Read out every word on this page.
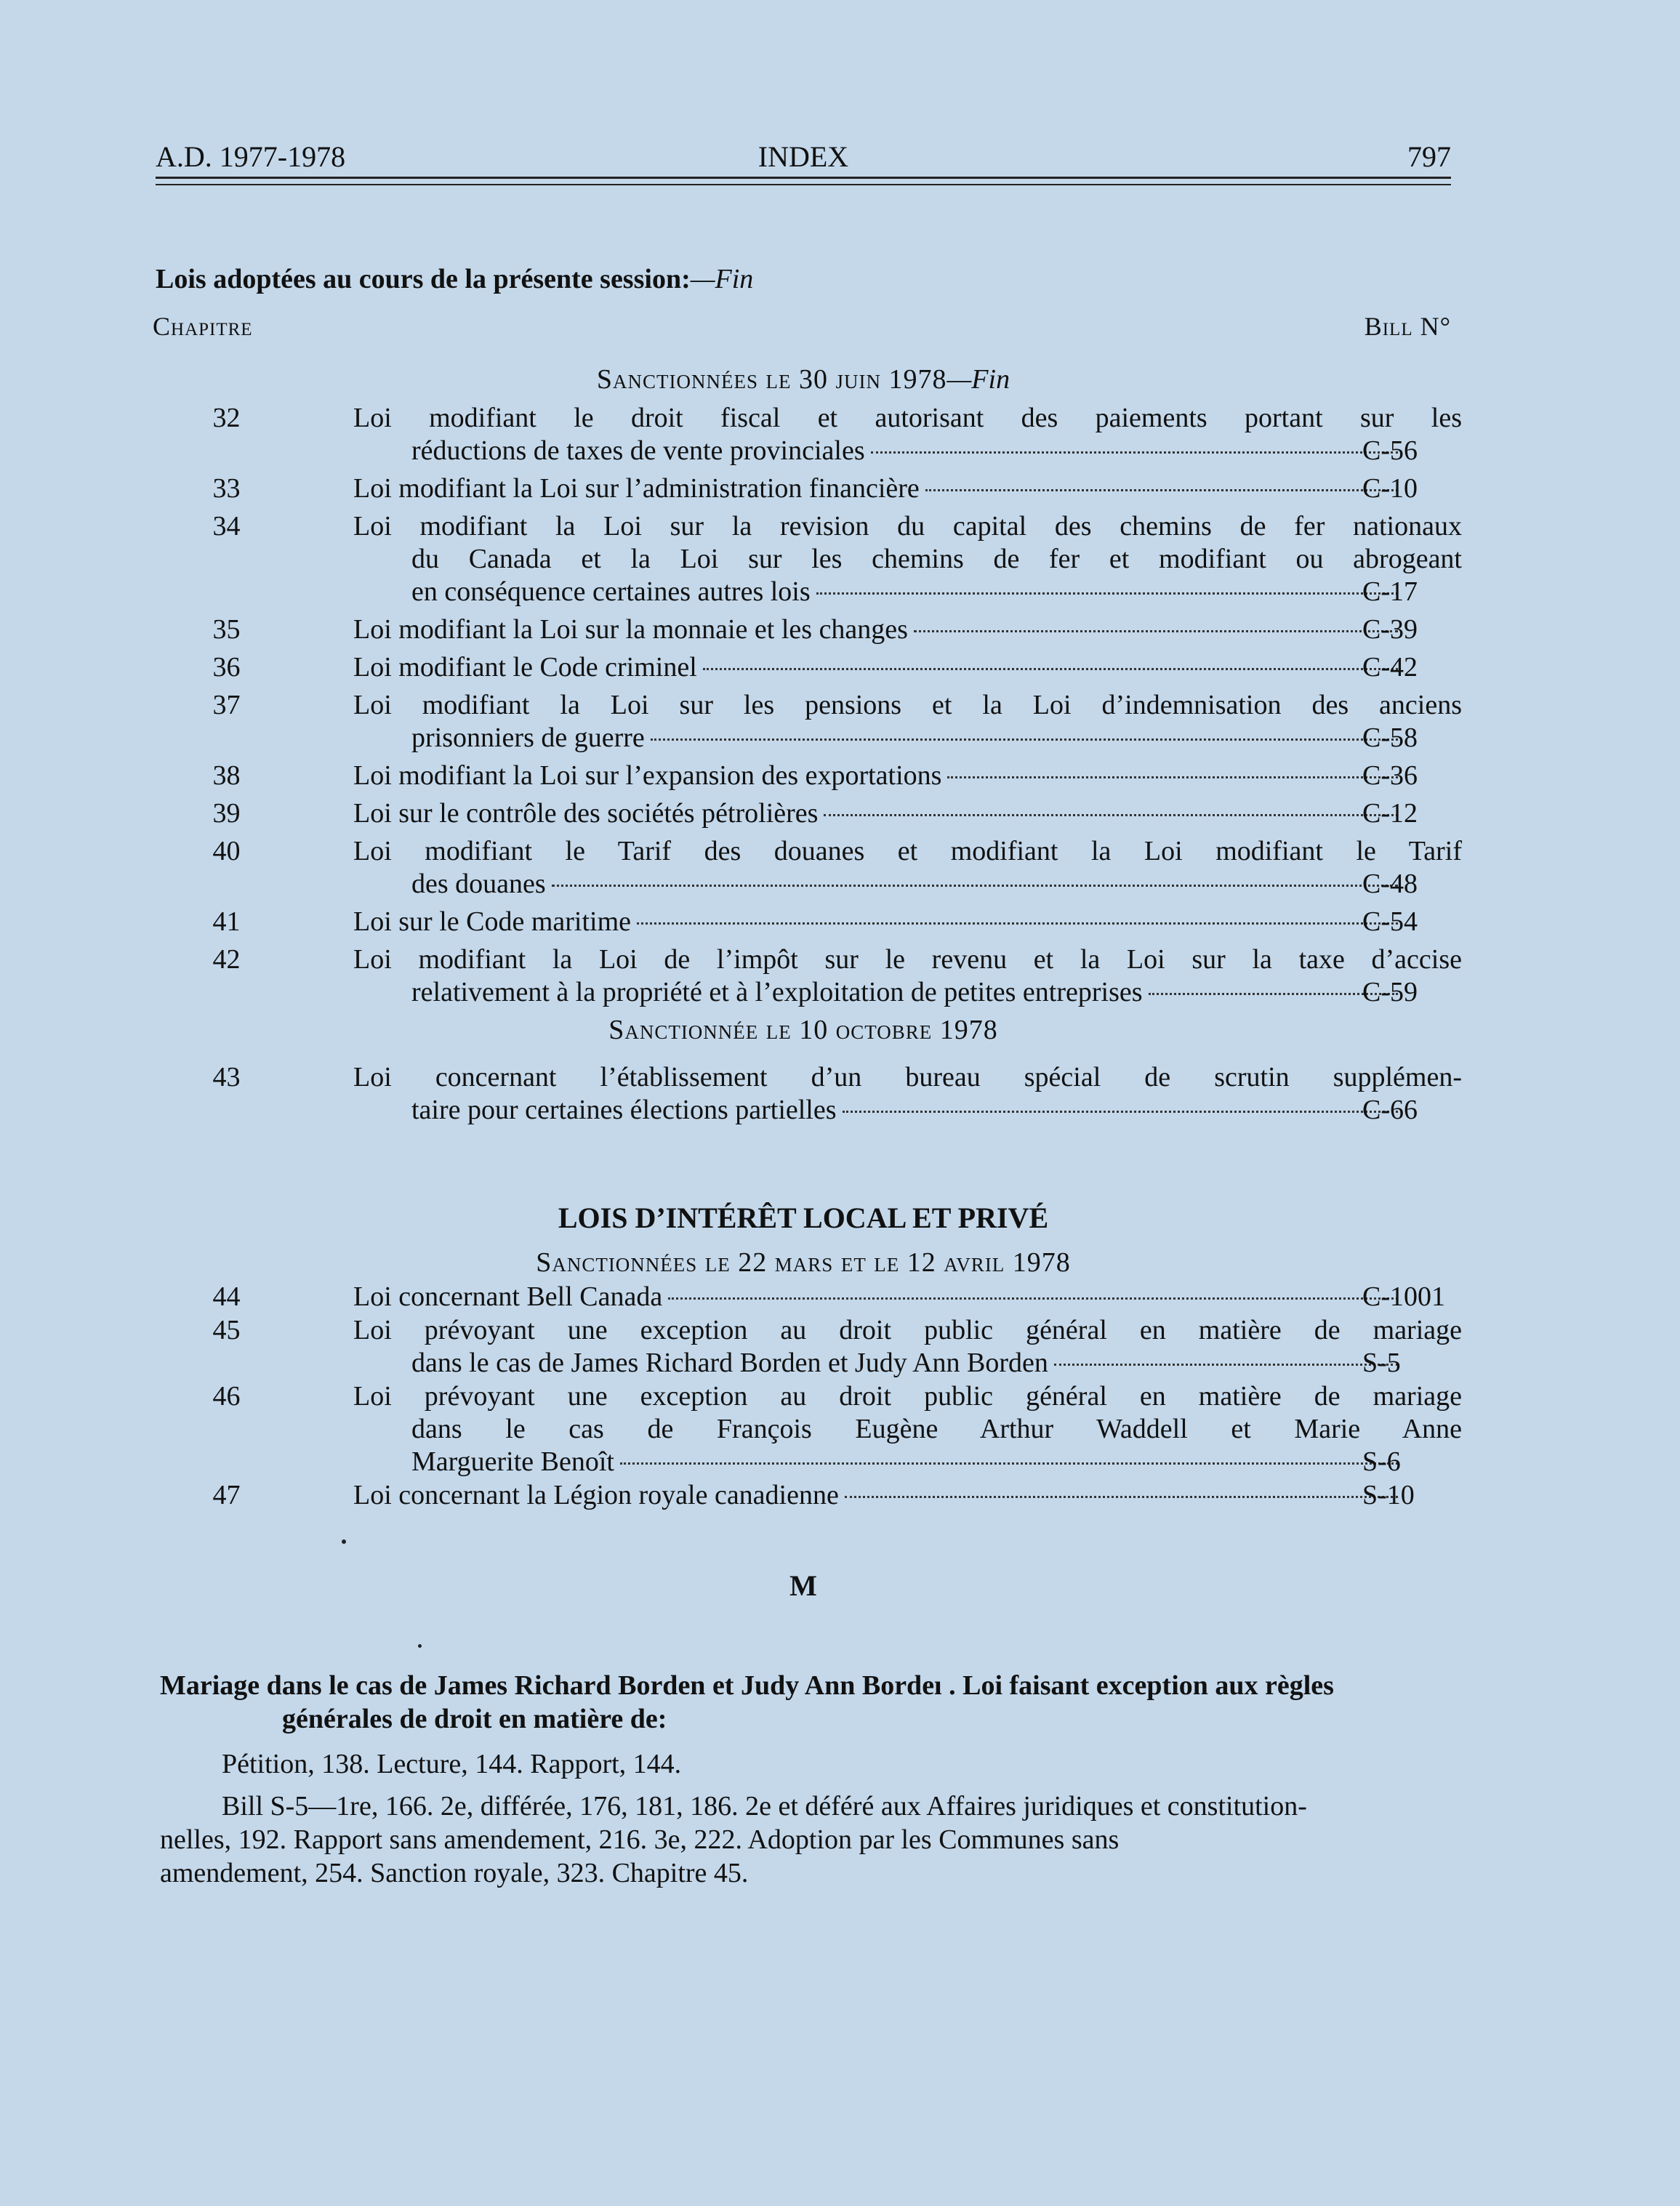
A.D. 1977-1978	INDEX	797
Lois adoptées au cours de la présente session:—Fin
Chapitre	Bill N°
Sanctionnées le 30 juin 1978—Fin
32	Loi modifiant le droit fiscal et autorisant des paiements portant sur les
réductions de taxes de vente provinciales	C-56
33	Loi modifiant la Loi sur l’administration financière	C-10
34	Loi modifiant la Loi sur la revision du capital des chemins de fer nationaux
du Canada et la Loi sur les chemins de fer et modifiant ou abrogeant
en conséquence certaines autres lois	C-17
35	Loi modifiant la Loi sur la monnaie et les changes	C-39
36	Loi modifiant le Code criminel	C-42
37	Loi modifiant la Loi sur les pensions et la Loi d’indemnisation des anciens
prisonniers de guerre	C-58
38	Loi modifiant la Loi sur l’expansion des exportations	C-36
39	Loi sur le contrôle des sociétés pétrolières	C-12
40	Loi modifiant le Tarif des douanes et modifiant la Loi modifiant le Tarif
des douanes	C-48
41	Loi sur le Code maritime	C-54
42	Loi modifiant la Loi de l’impôt sur le revenu et la Loi sur la taxe d’accise
relativement à la propriété et à l’exploitation de petites entreprises	C-59
Sanctionnée le 10 octobre 1978
43	Loi concernant l’établissement d’un bureau spécial de scrutin supplémen-
taire pour certaines élections partielles	C-66
LOIS D’INTÉRÊT LOCAL ET PRIVÉ
Sanctionnées le 22 mars et le 12 avril 1978
44	Loi concernant Bell Canada	C-1001
45	Loi prévoyant une exception au droit public général en matière de mariage
dans le cas de James Richard Borden et Judy Ann Borden	S-5
46	Loi prévoyant une exception au droit public général en matière de mariage
dans le cas de François Eugène Arthur Waddell et Marie Anne
Marguerite Benoît	S-6
47	Loi concernant la Légion royale canadienne	S-10
M
Mariage dans le cas de James Richard Borden et Judy Ann Bordeı . Loi faisant exception aux règles
générales de droit en matière de:
Pétition, 138. Lecture, 144. Rapport, 144.
Bill S-5—1re, 166. 2e, différée, 176, 181, 186. 2e et déféré aux Affaires juridiques et constitution-
nelles, 192. Rapport sans amendement, 216. 3e, 222. Adoption par les Communes sans
amendement, 254. Sanction royale, 323. Chapitre 45.
